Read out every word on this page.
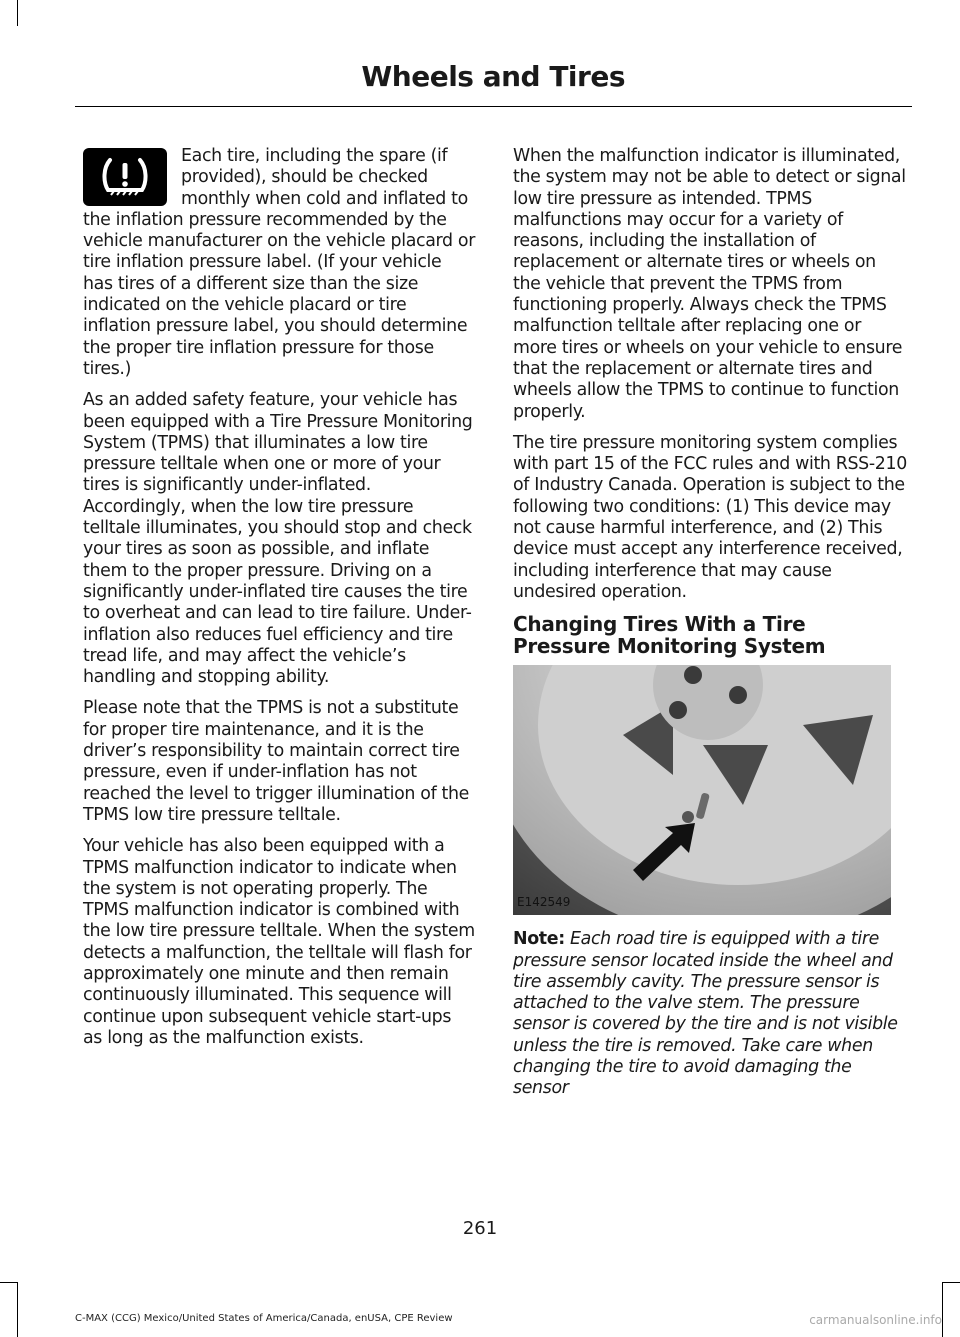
Wheels and Tires

Each tire, including the spare (if provided), should be checked monthly when cold and inflated to the inflation pressure recommended by the vehicle manufacturer on the vehicle placard or tire inflation pressure label. (If your vehicle has tires of a different size than the size indicated on the vehicle placard or tire inflation pressure label, you should determine the proper tire inflation pressure for those tires.)

As an added safety feature, your vehicle has been equipped with a Tire Pressure Monitoring System (TPMS) that illuminates a low tire pressure telltale when one or more of your tires is significantly under-inflated. Accordingly, when the low tire pressure telltale illuminates, you should stop and check your tires as soon as possible, and inflate them to the proper pressure. Driving on a significantly under-inflated tire causes the tire to overheat and can lead to tire failure. Under-inflation also reduces fuel efficiency and tire tread life, and may affect the vehicle’s handling and stopping ability.

Please note that the TPMS is not a substitute for proper tire maintenance, and it is the driver’s responsibility to maintain correct tire pressure, even if under-inflation has not reached the level to trigger illumination of the TPMS low tire pressure telltale.

Your vehicle has also been equipped with a TPMS malfunction indicator to indicate when the system is not operating properly. The TPMS malfunction indicator is combined with the low tire pressure telltale. When the system detects a malfunction, the telltale will flash for approximately one minute and then remain continuously illuminated. This sequence will continue upon subsequent vehicle start-ups as long as the malfunction exists.

When the malfunction indicator is illuminated, the system may not be able to detect or signal low tire pressure as intended. TPMS malfunctions may occur for a variety of reasons, including the installation of replacement or alternate tires or wheels on the vehicle that prevent the TPMS from functioning properly. Always check the TPMS malfunction telltale after replacing one or more tires or wheels on your vehicle to ensure that the replacement or alternate tires and wheels allow the TPMS to continue to function properly.

The tire pressure monitoring system complies with part 15 of the FCC rules and with RSS-210 of Industry Canada. Operation is subject to the following two conditions: (1) This device may not cause harmful interference, and (2) This device must accept any interference received, including interference that may cause undesired operation.

Changing Tires With a Tire Pressure Monitoring System
E142549

Note: Each road tire is equipped with a tire pressure sensor located inside the wheel and tire assembly cavity. The pressure sensor is attached to the valve stem. The pressure sensor is covered by the tire and is not visible unless the tire is removed. Take care when changing the tire to avoid damaging the sensor

261
C-MAX (CCG) Mexico/United States of America/Canada, enUSA, CPE Review	carmanualsonline.info
